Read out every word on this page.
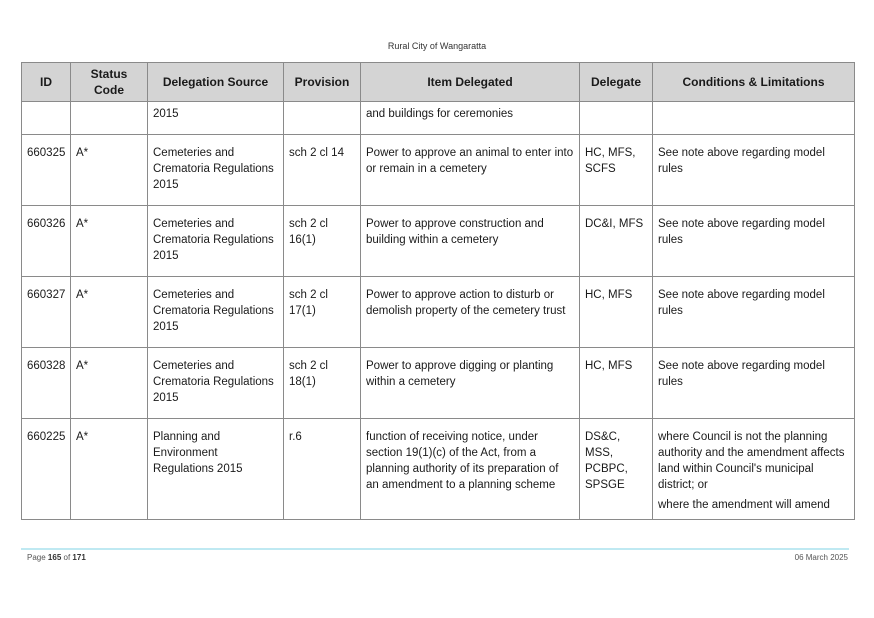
Rural City of Wangaratta
ID	Status Code	Delegation Source	Provision	Item Delegated	Delegate	Conditions & Limitations
		2015		and buildings for ceremonies		
660325	A*	Cemeteries and Crematoria Regulations 2015	sch 2 cl 14	Power to approve an animal to enter into or remain in a cemetery	HC, MFS, SCFS	See note above regarding model rules
660326	A*	Cemeteries and Crematoria Regulations 2015	sch 2 cl 16(1)	Power to approve construction and building within a cemetery	DC&I, MFS	See note above regarding model rules
660327	A*	Cemeteries and Crematoria Regulations 2015	sch 2 cl 17(1)	Power to approve action to disturb or demolish property of the cemetery trust	HC, MFS	See note above regarding model rules
660328	A*	Cemeteries and Crematoria Regulations 2015	sch 2 cl 18(1)	Power to approve digging or planting within a cemetery	HC, MFS	See note above regarding model rules
660225	A*	Planning and Environment Regulations 2015	r.6	function of receiving notice, under section 19(1)(c) of the Act, from a planning authority of its preparation of an amendment to a planning scheme	DS&C, MSS, PCBPC, SPSGE	where Council is not the planning authority and the amendment affects land within Council's municipal district; or
where the amendment will amend
Page 165 of 171	06 March 2025
